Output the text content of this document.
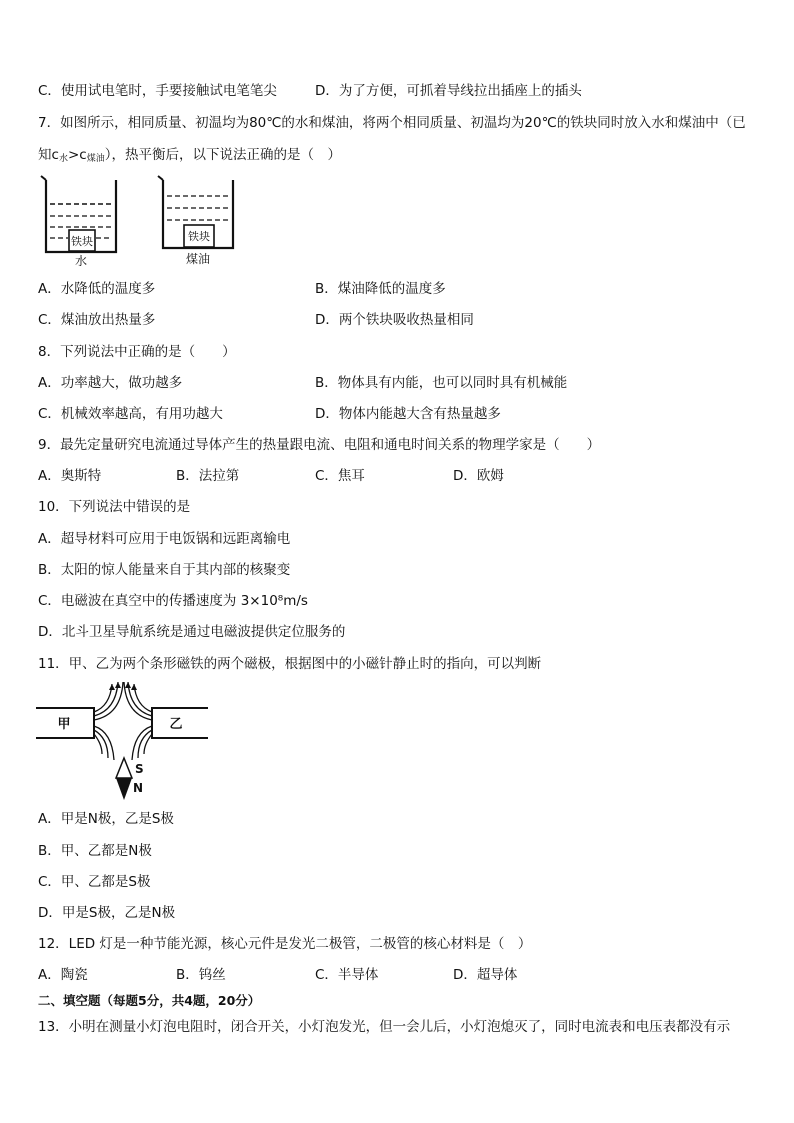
C．使用试电笔时，手要接触试电笔笔尖	D．为了方便，可抓着导线拉出插座上的插头
7．如图所示，相同质量、初温均为80℃的水和煤油，将两个相同质量、初温均为20℃的铁块同时放入水和煤油中（已
知$c_水>c_{煤油}$），热平衡后，以下说法正确的是（　）
铁块
水
铁块
煤油
A．水降低的温度多	B．煤油降低的温度多
C．煤油放出热量多	D．两个铁块吸收热量相同
8．下列说法中正确的是（　　）
A．功率越大，做功越多	B．物体具有内能，也可以同时具有机械能
C．机械效率越高，有用功越大	D．物体内能越大含有热量越多
9．最先定量研究电流通过导体产生的热量跟电流、电阻和通电时间关系的物理学家是（　　）
A．奥斯特	B．法拉第	C．焦耳	D．欧姆
10．下列说法中错误的是
A．超导材料可应用于电饭锅和远距离输电
B．太阳的惊人能量来自于其内部的核聚变
C．电磁波在真空中的传播速度为 3×10⁸m/s
D．北斗卫星导航系统是通过电磁波提供定位服务的
11．甲、乙为两个条形磁铁的两个磁极，根据图中的小磁针静止时的指向，可以判断
甲	乙
S
N
A．甲是N极，乙是S极
B．甲、乙都是N极
C．甲、乙都是S极
D．甲是S极，乙是N极
12．LED 灯是一种节能光源，核心元件是发光二极管，二极管的核心材料是（　）
A．陶瓷	B．钨丝	C．半导体	D．超导体
二、填空题（每题5分，共4题，20分）
13．小明在测量小灯泡电阻时，闭合开关，小灯泡发光，但一会儿后，小灯泡熄灭了，同时电流表和电压表都没有示
